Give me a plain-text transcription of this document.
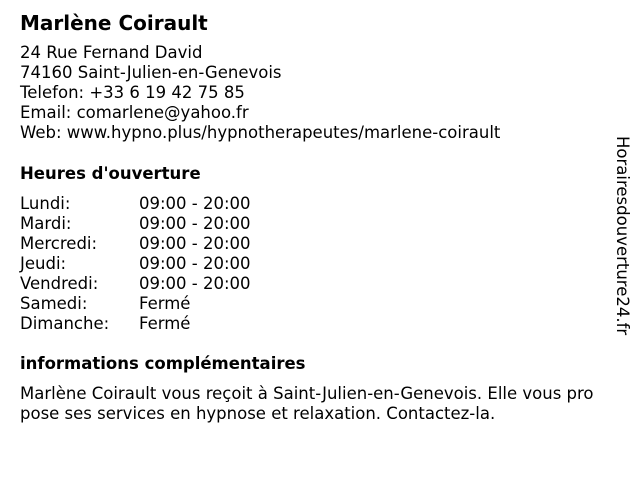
Marlène Coirault
24 Rue Fernand David
74160 Saint-Julien-en-Genevois
Telefon: +33 6 19 42 75 85
Email: comarlene@yahoo.fr
Web: www.hypno.plus/hypnotherapeutes/marlene-coirault
Heures d'ouverture
Lundi:	09:00 - 20:00
Mardi:	09:00 - 20:00
Mercredi:	09:00 - 20:00
Jeudi:	09:00 - 20:00
Vendredi: 09:00 - 20:00
Samedi:	Fermé
Dimanche: Fermé
informations complémentaires
Marlène Coirault vous reçoit à Saint-Julien-en-Genevois. Elle vous pro
pose ses services en hypnose et relaxation. Contactez-la.
Horairesdouverture24.fr
